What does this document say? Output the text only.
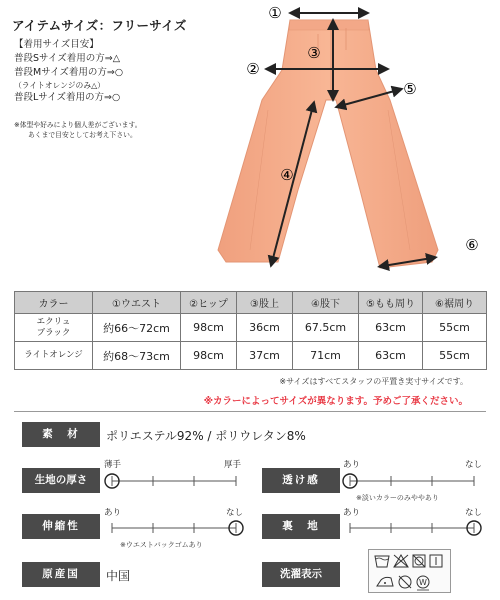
アイテムサイズ：フリーサイズ
【着用サイズ目安】
普段Sサイズ着用の方⇒△
普段Mサイズ着用の方⇒○
（ライトオレンジのみ△）
普段Lサイズ着用の方⇒○
※体型や好みにより個人差がございます。
あくまで目安としてお考え下さい。
①
②
③
⑤
④
⑥
カラー	①ウエスト	②ヒップ	③股上	④股下	⑤もも周り	⑥裾周り

エクリュ
ブラック	約66〜72cm	98cm	36cm	67.5cm	63cm	55cm
ライトオレンジ	約68〜73cm	98cm	37cm	71cm	63cm	55cm
※サイズはすべてスタッフの平置き実寸サイズです。
※カラーによってサイズが異なります。予めご了承ください。
素　材	ポリエステル92% / ポリウレタン8%
生地の厚さ
薄手	厚手
透け感
あり	なし
※淡いカラーのみややあり
伸縮性
あり	なし
※ウエストバックゴムあり
裏　地
あり	なし
原産国	中国	洗濯表示
W
